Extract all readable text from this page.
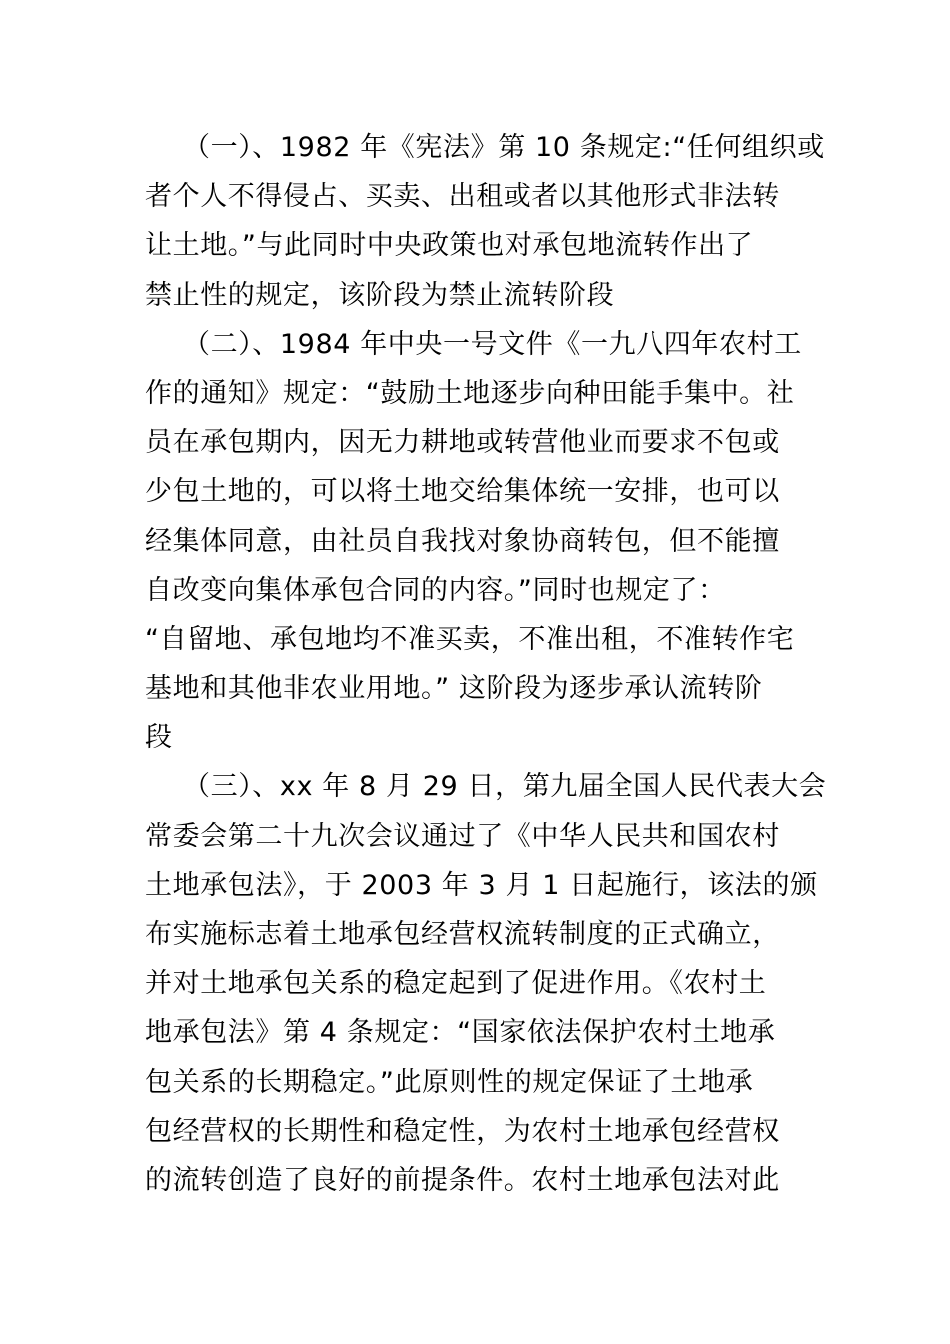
（一）、1982 年《宪法》第 10 条规定:“任何组织或
者个人不得侵占、买卖、出租或者以其他形式非法转
让土地。”与此同时中央政策也对承包地流转作出了
禁止性的规定，该阶段为禁止流转阶段
（二）、1984 年中央一号文件《一九八四年农村工
作的通知》规定：“鼓励土地逐步向种田能手集中。社
员在承包期内，因无力耕地或转营他业而要求不包或
少包土地的，可以将土地交给集体统一安排，也可以
经集体同意，由社员自我找对象协商转包，但不能擅
自改变向集体承包合同的内容。”同时也规定了：
“自留地、承包地均不准买卖，不准出租，不准转作宅
基地和其他非农业用地。” 这阶段为逐步承认流转阶
段
（三）、xx 年 8 月 29 日，第九届全国人民代表大会
常委会第二十九次会议通过了《中华人民共和国农村
土地承包法》，于 2003 年 3 月 1 日起施行，该法的颁
布实施标志着土地承包经营权流转制度的正式确立，
并对土地承包关系的稳定起到了促进作用。《农村土
地承包法》第 4 条规定：“国家依法保护农村土地承
包关系的长期稳定。”此原则性的规定保证了土地承
包经营权的长期性和稳定性，为农村土地承包经营权
的流转创造了良好的前提条件。农村土地承包法对此
